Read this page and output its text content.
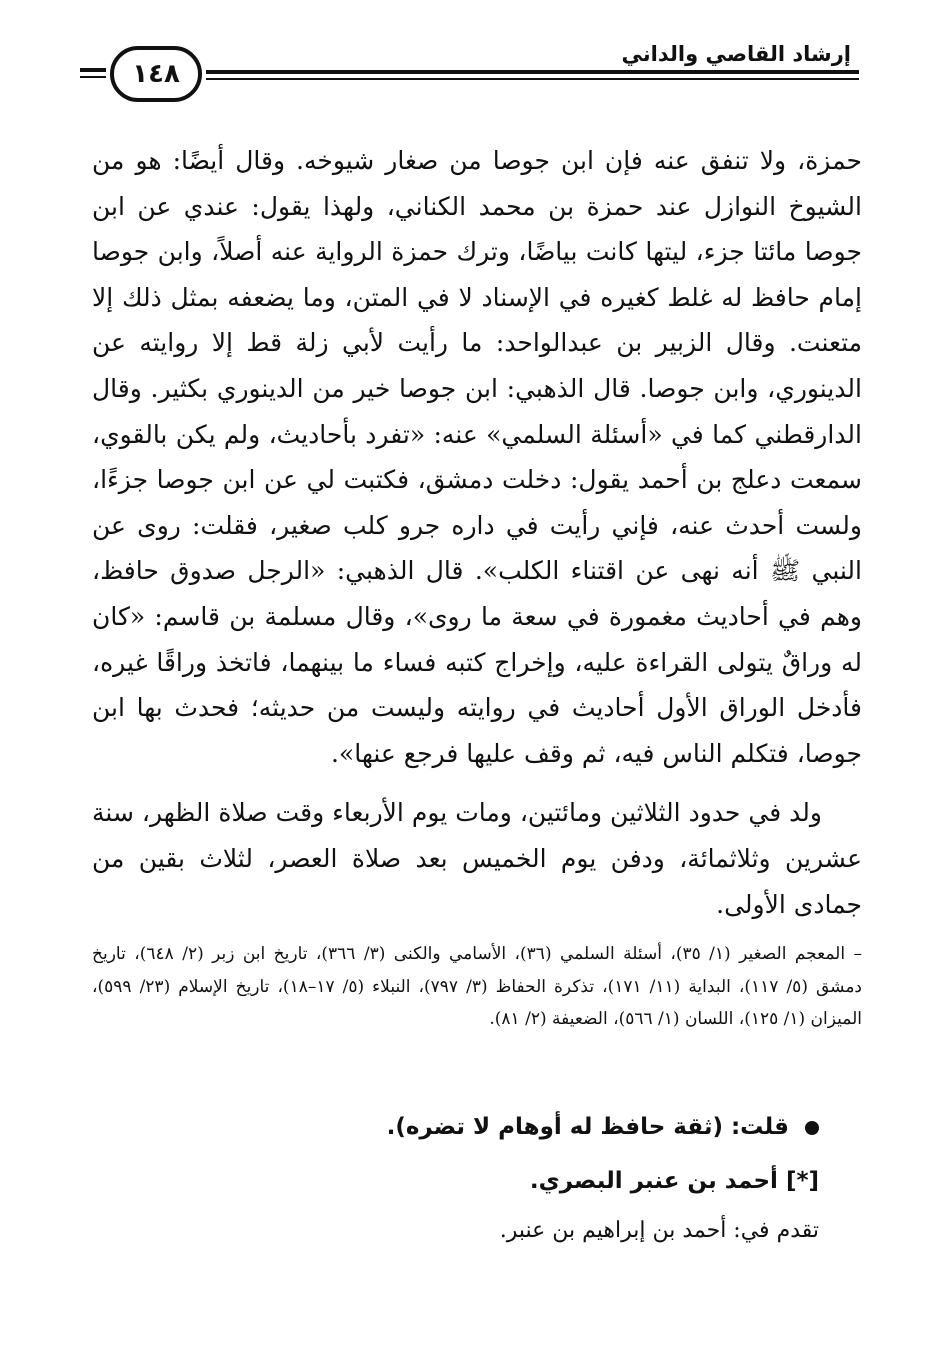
١٤٨
إرشاد القاصي والداني

حمزة، ولا تنفق عنه فإن ابن جوصا من صغار شيوخه. وقال أيضًا: هو من الشيوخ النوازل عند حمزة بن محمد الكناني، ولهذا يقول: عندي عن ابن جوصا مائتا جزء، ليتها كانت بياضًا، وترك حمزة الرواية عنه أصلاً، وابن جوصا إمام حافظ له غلط كغيره في الإسناد لا في المتن، وما يضعفه بمثل ذلك إلا متعنت. وقال الزبير بن عبدالواحد: ما رأيت لأبي زلة قط إلا روايته عن الدينوري، وابن جوصا. قال الذهبي: ابن جوصا خير من الدينوري بكثير. وقال الدارقطني كما في «أسئلة السلمي» عنه: «تفرد بأحاديث، ولم يكن بالقوي، سمعت دعلج بن أحمد يقول: دخلت دمشق، فكتبت لي عن ابن جوصا جزءًا، ولست أحدث عنه، فإني رأيت في داره جرو كلب صغير، فقلت: روى عن النبي ﷺ أنه نهى عن اقتناء الكلب». قال الذهبي: «الرجل صدوق حافظ، وهم في أحاديث مغمورة في سعة ما روى»، وقال مسلمة بن قاسم: «كان له وراقٌ يتولى القراءة عليه، وإخراج كتبه فساء ما بينهما، فاتخذ وراقًا غيره، فأدخل الوراق الأول أحاديث في روايته وليست من حديثه؛ فحدث بها ابن جوصا، فتكلم الناس فيه، ثم وقف عليها فرجع عنها».

ولد في حدود الثلاثين ومائتين، ومات يوم الأربعاء وقت صلاة الظهر، سنة عشرين وثلاثمائة، ودفن يوم الخميس بعد صلاة العصر، لثلاث بقين من جمادى الأولى.

– المعجم الصغير (١/ ٣٥)، أسئلة السلمي (٣٦)، الأسامي والكنى (٣/ ٣٦٦)، تاريخ ابن زبر (٢/ ٦٤٨)، تاريخ دمشق (٥/ ١١٧)، البداية (١١/ ١٧١)، تذكرة الحفاظ (٣/ ٧٩٧)، النبلاء (٥/ ١٧–١٨)، تاريخ الإسلام (٢٣/ ٥٩٩)، الميزان (١/ ١٢٥)، اللسان (١/ ٥٦٦)، الضعيفة (٢/ ٨١).
قلت: (ثقة حافظ له أوهام لا تضره).
[*] أحمد بن عنبر البصري.
تقدم في: أحمد بن إبراهيم بن عنبر.
